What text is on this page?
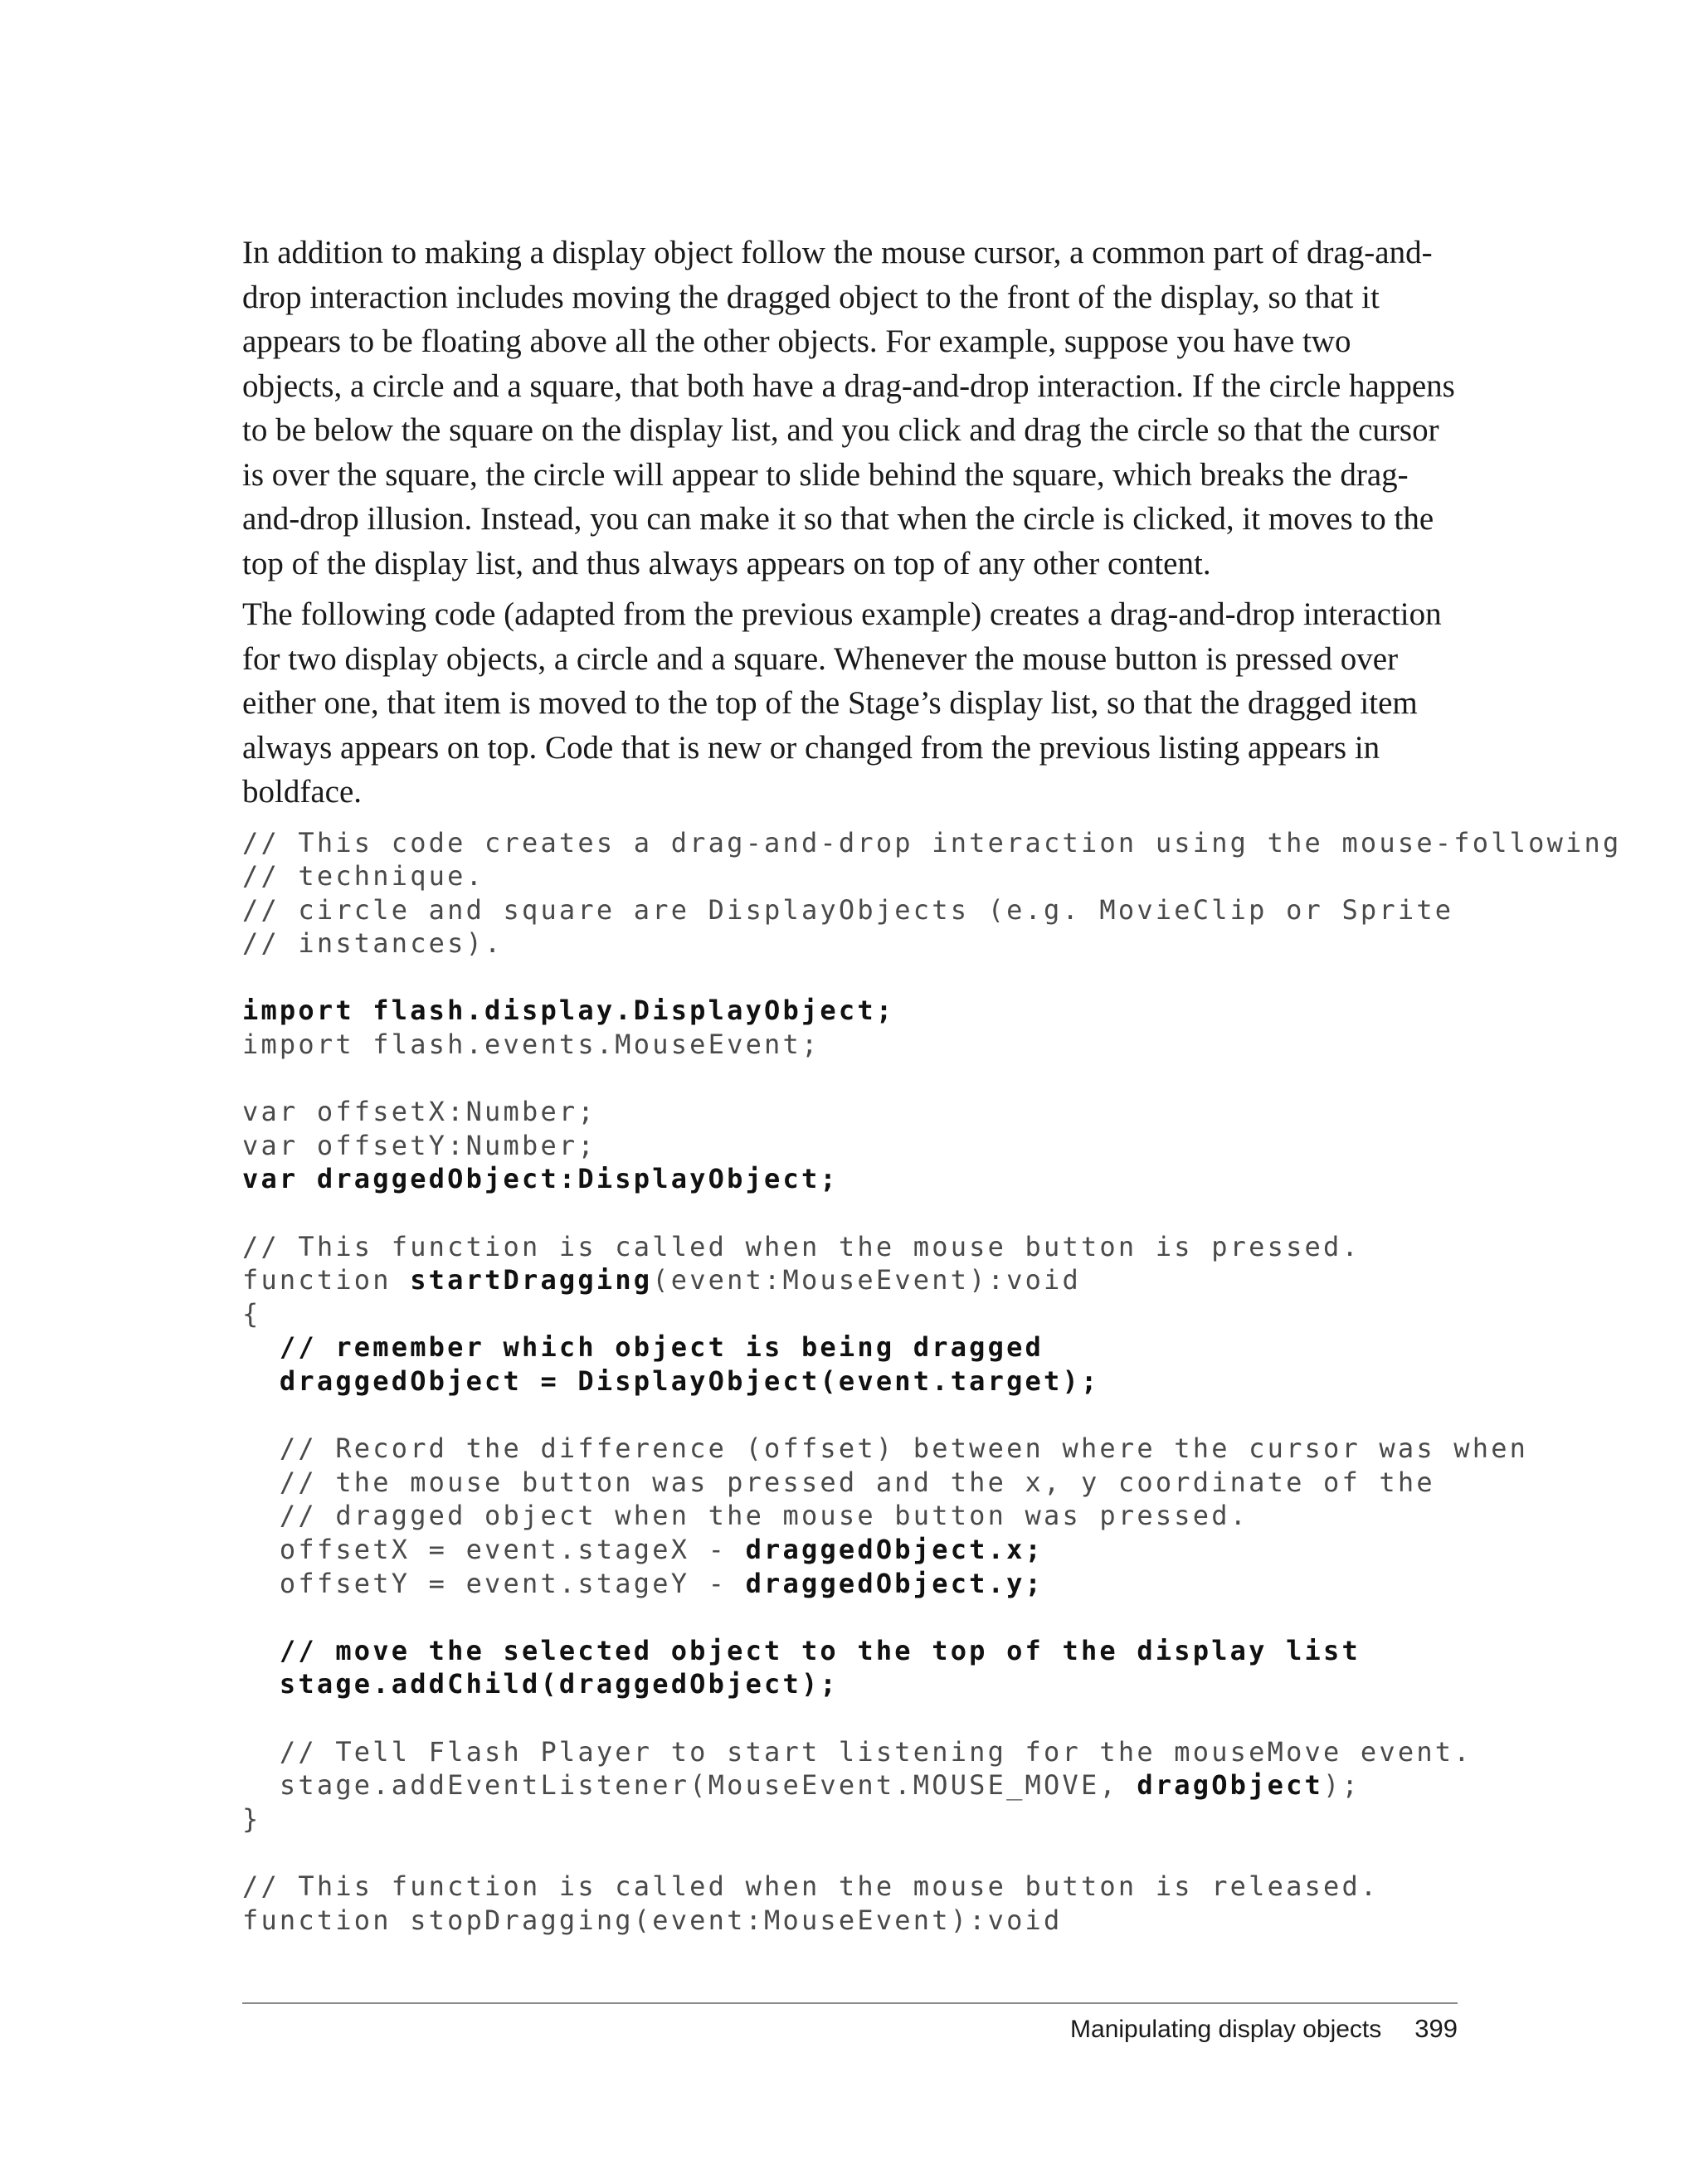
In addition to making a display object follow the mouse cursor, a common part of drag-and-drop interaction includes moving the dragged object to the front of the display, so that it appears to be floating above all the other objects. For example, suppose you have two objects, a circle and a square, that both have a drag-and-drop interaction. If the circle happens to be below the square on the display list, and you click and drag the circle so that the cursor is over the square, the circle will appear to slide behind the square, which breaks the drag-and-drop illusion. Instead, you can make it so that when the circle is clicked, it moves to the top of the display list, and thus always appears on top of any other content.

The following code (adapted from the previous example) creates a drag-and-drop interaction for two display objects, a circle and a square. Whenever the mouse button is pressed over either one, that item is moved to the top of the Stage’s display list, so that the dragged item always appears on top. Code that is new or changed from the previous listing appears in boldface.

// This code creates a drag-and-drop interaction using the mouse-following
// technique.
// circle and square are DisplayObjects (e.g. MovieClip or Sprite
// instances).
import flash.display.DisplayObject;
import flash.events.MouseEvent;
var offsetX:Number;
var offsetY:Number;
var draggedObject:DisplayObject;
// This function is called when the mouse button is pressed.
function startDragging(event:MouseEvent):void
{
// remember which object is being dragged
draggedObject = DisplayObject(event.target);
// Record the difference (offset) between where the cursor was when
// the mouse button was pressed and the x, y coordinate of the
// dragged object when the mouse button was pressed.
offsetX = event.stageX - draggedObject.x;
offsetY = event.stageY - draggedObject.y;
// move the selected object to the top of the display list
stage.addChild(draggedObject);
// Tell Flash Player to start listening for the mouseMove event.
stage.addEventListener(MouseEvent.MOUSE_MOVE, dragObject);
}
// This function is called when the mouse button is released.
function stopDragging(event:MouseEvent):void
Manipulating display objects 399
